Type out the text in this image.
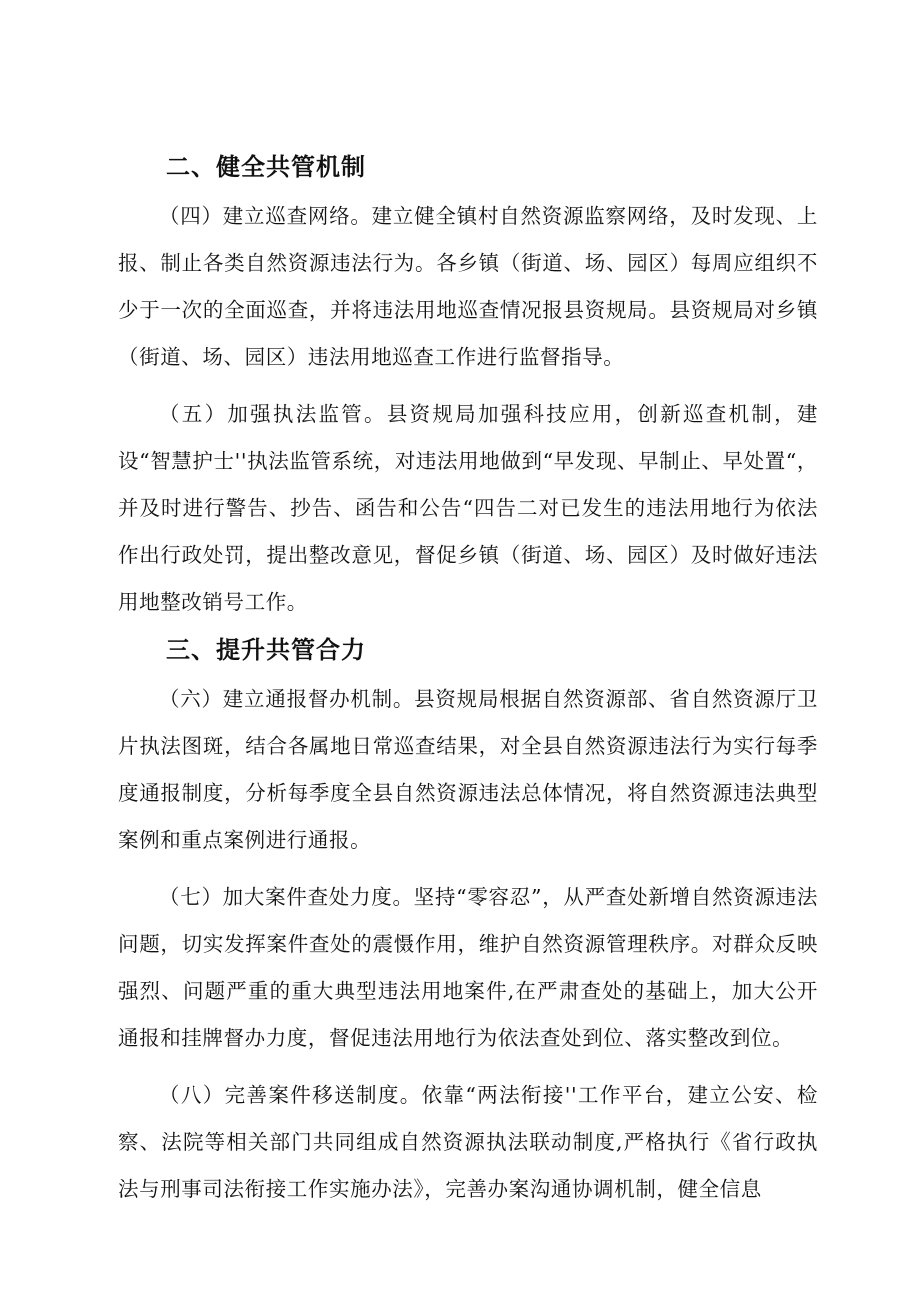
二、健全共管机制

（四）建立巡查网络。建立健全镇村自然资源监察网络，及时发现、上报、制止各类自然资源违法行为。各乡镇（街道、场、园区）每周应组织不少于一次的全面巡查，并将违法用地巡查情况报县资规局。县资规局对乡镇（街道、场、园区）违法用地巡查工作进行监督指导。

（五）加强执法监管。县资规局加强科技应用，创新巡查机制，建设“智慧护士''执法监管系统，对违法用地做到“早发现、早制止、早处置“，并及时进行警告、抄告、函告和公告“四告二对已发生的违法用地行为依法作出行政处罚，提出整改意见，督促乡镇（街道、场、园区）及时做好违法用地整改销号工作。

三、提升共管合力

（六）建立通报督办机制。县资规局根据自然资源部、省自然资源厅卫片执法图斑，结合各属地日常巡查结果，对全县自然资源违法行为实行每季度通报制度，分析每季度全县自然资源违法总体情况，将自然资源违法典型案例和重点案例进行通报。

（七）加大案件查处力度。坚持“零容忍”，从严查处新增自然资源违法问题，切实发挥案件查处的震慑作用，维护自然资源管理秩序。对群众反映强烈、问题严重的重大典型违法用地案件,在严肃查处的基础上，加大公开通报和挂牌督办力度，督促违法用地行为依法查处到位、落实整改到位。

（八）完善案件移送制度。依靠“两法衔接''工作平台，建立公安、检察、法院等相关部门共同组成自然资源执法联动制度,严格执行《省行政执法与刑事司法衔接工作实施办法》，完善办案沟通协调机制，健全信息
